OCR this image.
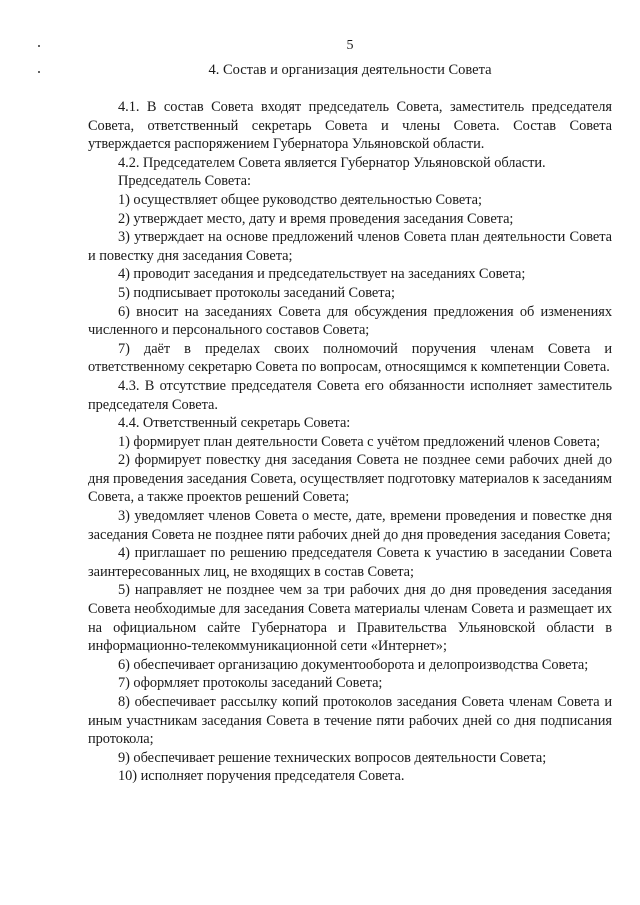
5

4. Состав и организация деятельности Совета

4.1. В состав Совета входят председатель Совета, заместитель председателя Совета, ответственный секретарь Совета и члены Совета. Состав Совета утверждается распоряжением Губернатора Ульяновской области.

4.2. Председателем Совета является Губернатор Ульяновской области.

Председатель Совета:

1) осуществляет общее руководство деятельностью Совета;

2) утверждает место, дату и время проведения заседания Совета;

3) утверждает на основе предложений членов Совета план деятельности Совета и повестку дня заседания Совета;

4) проводит заседания и председательствует на заседаниях Совета;

5) подписывает протоколы заседаний Совета;

6) вносит на заседаниях Совета для обсуждения предложения об изменениях численного и персонального составов Совета;

7) даёт в пределах своих полномочий поручения членам Совета и ответственному секретарю Совета по вопросам, относящимся к компетенции Совета.

4.3. В отсутствие председателя Совета его обязанности исполняет заместитель председателя Совета.

4.4. Ответственный секретарь Совета:

1) формирует план деятельности Совета с учётом предложений членов Совета;

2) формирует повестку дня заседания Совета не позднее семи рабочих дней до дня проведения заседания Совета, осуществляет подготовку материалов к заседаниям Совета, а также проектов решений Совета;

3) уведомляет членов Совета о месте, дате, времени проведения и повестке дня заседания Совета не позднее пяти рабочих дней до дня проведения заседания Совета;

4) приглашает по решению председателя Совета к участию в заседании Совета заинтересованных лиц, не входящих в состав Совета;

5) направляет не позднее чем за три рабочих дня до дня проведения заседания Совета необходимые для заседания Совета материалы членам Совета и размещает их на официальном сайте Губернатора и Правительства Ульяновской области в информационно-телекоммуникационной сети «Интернет»;

6) обеспечивает организацию документооборота и делопроизводства Совета;

7) оформляет протоколы заседаний Совета;

8) обеспечивает рассылку копий протоколов заседания Совета членам Совета и иным участникам заседания Совета в течение пяти рабочих дней со дня подписания протокола;

9) обеспечивает решение технических вопросов деятельности Совета;

10) исполняет поручения председателя Совета.
